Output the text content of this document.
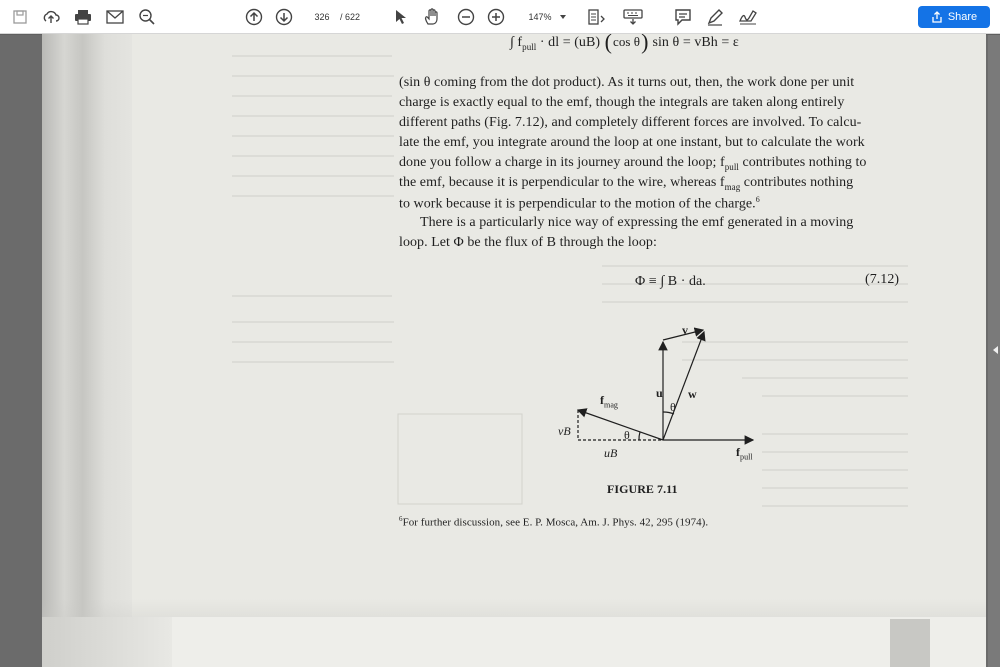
326	/ 622	147%	Share
∫ $f_{pull}$ · dl = (uB) (cos θ) sin θ = vBh = ε
(sin θ coming from the dot product). As it turns out, then, the work done per unit
charge is exactly equal to the emf, though the integrals are taken along entirely
different paths (Fig. 7.12), and completely different forces are involved. To calcu-
late the emf, you integrate around the loop at one instant, but to calculate the work
done you follow a charge in its journey around the loop; $f_{pull}$ contributes nothing to
the emf, because it is perpendicular to the wire, whereas $f_{mag}$ contributes nothing
to work because it is perpendicular to the motion of the charge.$^6$
There is a particularly nice way of expressing the emf generated in a moving
loop. Let Φ be the flux of B through the loop:
Φ ≡ ∫ B · da.	(7.12)
v
u w
θ
θ
$f_{mag}$
vB
uB	$f_{pull}$
FIGURE 7.11
$^6$For further discussion, see E. P. Mosca, Am. J. Phys. 42, 295 (1974).
